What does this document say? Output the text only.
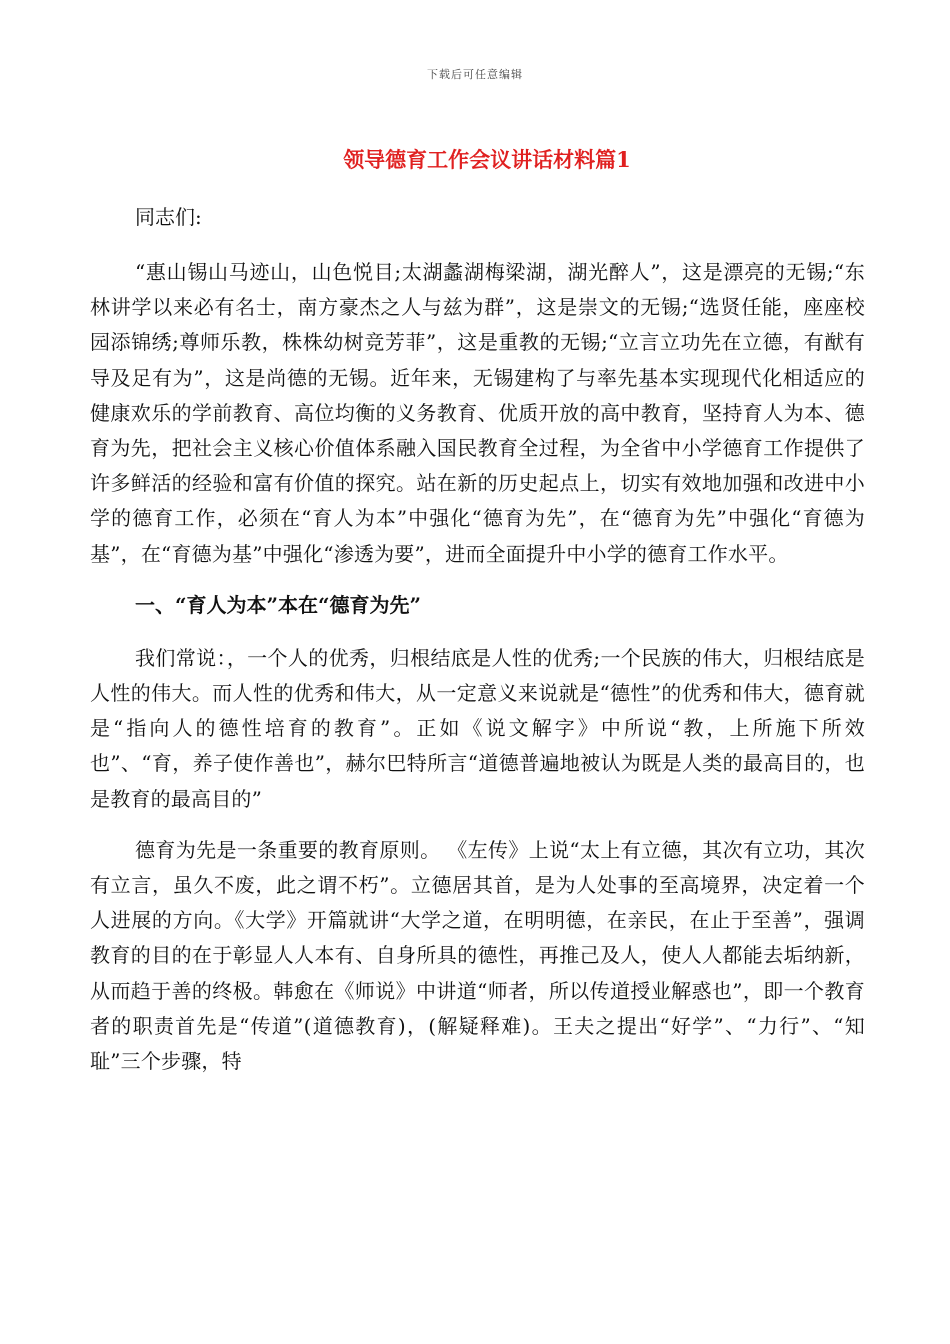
下载后可任意编辑
领导德育工作会议讲话材料篇1

同志们:

“惠山锡山马迹山，山色悦目;太湖蠡湖梅梁湖，湖光醉人”，这是漂亮的无锡;“东林讲学以来必有名士，南方豪杰之人与兹为群”，这是崇文的无锡;“选贤任能，座座校园添锦绣;尊师乐教，株株幼树竞芳菲”，这是重教的无锡;“立言立功先在立德，有猷有导及足有为”，这是尚德的无锡。近年来，无锡建构了与率先基本实现现代化相适应的健康欢乐的学前教育、高位均衡的义务教育、优质开放的高中教育，坚持育人为本、德育为先，把社会主义核心价值体系融入国民教育全过程，为全省中小学德育工作提供了许多鲜活的经验和富有价值的探究。站在新的历史起点上，切实有效地加强和改进中小学的德育工作，必须在“育人为本”中强化“德育为先”，在“德育为先”中强化“育德为基”，在“育德为基”中强化“渗透为要”，进而全面提升中小学的德育工作水平。

一、“育人为本”本在“德育为先”

我们常说：，一个人的优秀，归根结底是人性的优秀;一个民族的伟大，归根结底是人性的伟大。而人性的优秀和伟大，从一定意义来说就是“德性”的优秀和伟大，德育就是“指向人的德性培育的教育”。正如《说文解字》中所说“教，上所施下所效也”、“育，养子使作善也”，赫尔巴特所言“道德普遍地被认为既是人类的最高目的，也是教育的最高目的”

德育为先是一条重要的教育原则。 《左传》上说“太上有立德，其次有立功，其次有立言，虽久不废，此之谓不朽”。立德居其首，是为人处事的至高境界，决定着一个人进展的方向。《大学》开篇就讲“大学之道，在明明德，在亲民，在止于至善”，强调教育的目的在于彰显人人本有、自身所具的德性，再推己及人，使人人都能去垢纳新，从而趋于善的终极。韩愈在《师说》中讲道“师者，所以传道授业解惑也”，即一个教育者的职责首先是“传道”(道德教育)，(解疑释难)。王夫之提出“好学”、“力行”、“知耻”三个步骤，特
